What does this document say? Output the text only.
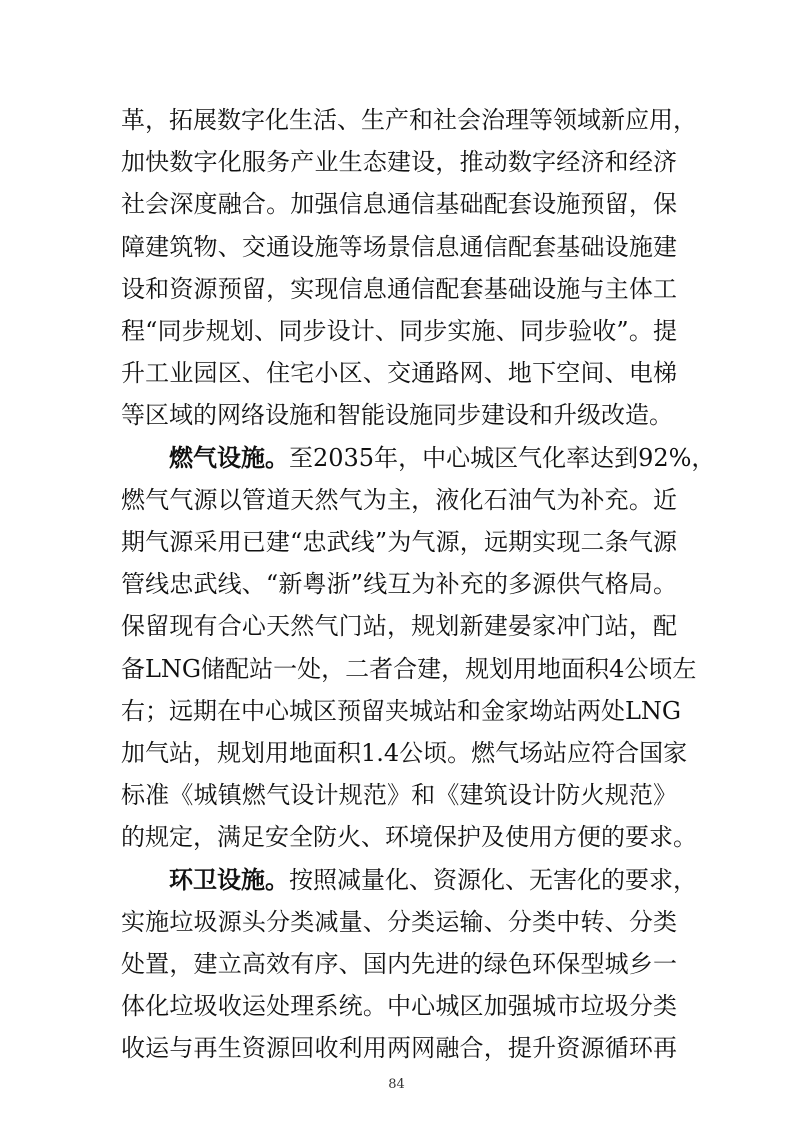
革，拓展数字化生活、生产和社会治理等领域新应用，
加快数字化服务产业生态建设，推动数字经济和经济
社会深度融合。加强信息通信基础配套设施预留，保
障建筑物、交通设施等场景信息通信配套基础设施建
设和资源预留，实现信息通信配套基础设施与主体工
程“同步规划、同步设计、同步实施、同步验收”。提
升工业园区、住宅小区、交通路网、地下空间、电梯
等区域的网络设施和智能设施同步建设和升级改造。
燃气设施。至2035年，中心城区气化率达到92%，
燃气气源以管道天然气为主，液化石油气为补充。近
期气源采用已建“忠武线”为气源，远期实现二条气源
管线忠武线、“新粤浙”线互为补充的多源供气格局。
保留现有合心天然气门站，规划新建晏家冲门站，配
备LNG储配站一处，二者合建，规划用地面积4公顷左
右；远期在中心城区预留夹城站和金家坳站两处LNG
加气站，规划用地面积1.4公顷。燃气场站应符合国家
标准《城镇燃气设计规范》和《建筑设计防火规范》
的规定，满足安全防火、环境保护及使用方便的要求。
环卫设施。按照减量化、资源化、无害化的要求，
实施垃圾源头分类减量、分类运输、分类中转、分类
处置，建立高效有序、国内先进的绿色环保型城乡一
体化垃圾收运处理系统。中心城区加强城市垃圾分类
收运与再生资源回收利用两网融合，提升资源循环再
84
